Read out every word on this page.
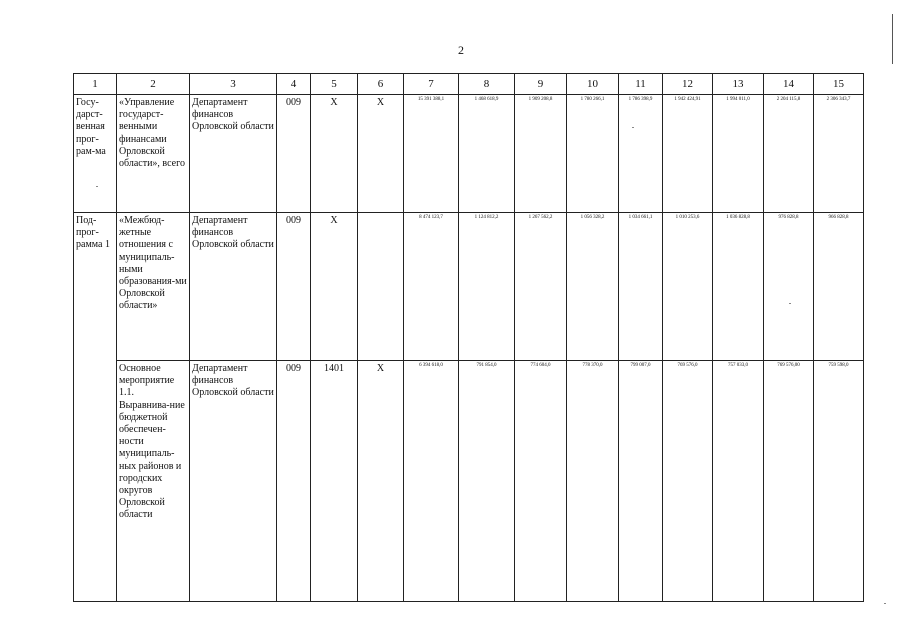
2
1	2	3	4	5	6	7	8	9	10	11	12	13	14	15
Госу-дарст-венная прог-рам-ма	«Управление государст-венными финансами Орловской области», всего	Департамент финансов Орловской области	009	Х	Х	15 391 388,1	1 468 618,9	1 909 208,8	1 780 266,1	1 786 398,9	1 942 424,91	1 994 011,0	2 204 115,8	2 306 343,7
Под-прог-рамма 1	«Межбюд-жетные отношения с муниципаль-ными образования-ми Орловской области»	Департамент финансов Орловской области	009	Х		8 474 123,7	1 124 812,2	1 267 562,2	1 056 328,2	1 034 661,1	1 010 253,6	1 036 828,8	976 828,8	966 828,8
	Основное мероприятие 1.1. Выравнива-ние бюджетной обеспечен-ности муниципаль-ных районов и городских округов Орловской области	Департамент финансов Орловской области	009	1401	Х	6 394 618,0	791 854,0	774 604,0	778 370,0	799 007,0	769 576,0	757 033,0	769 576,00	759 598,0
